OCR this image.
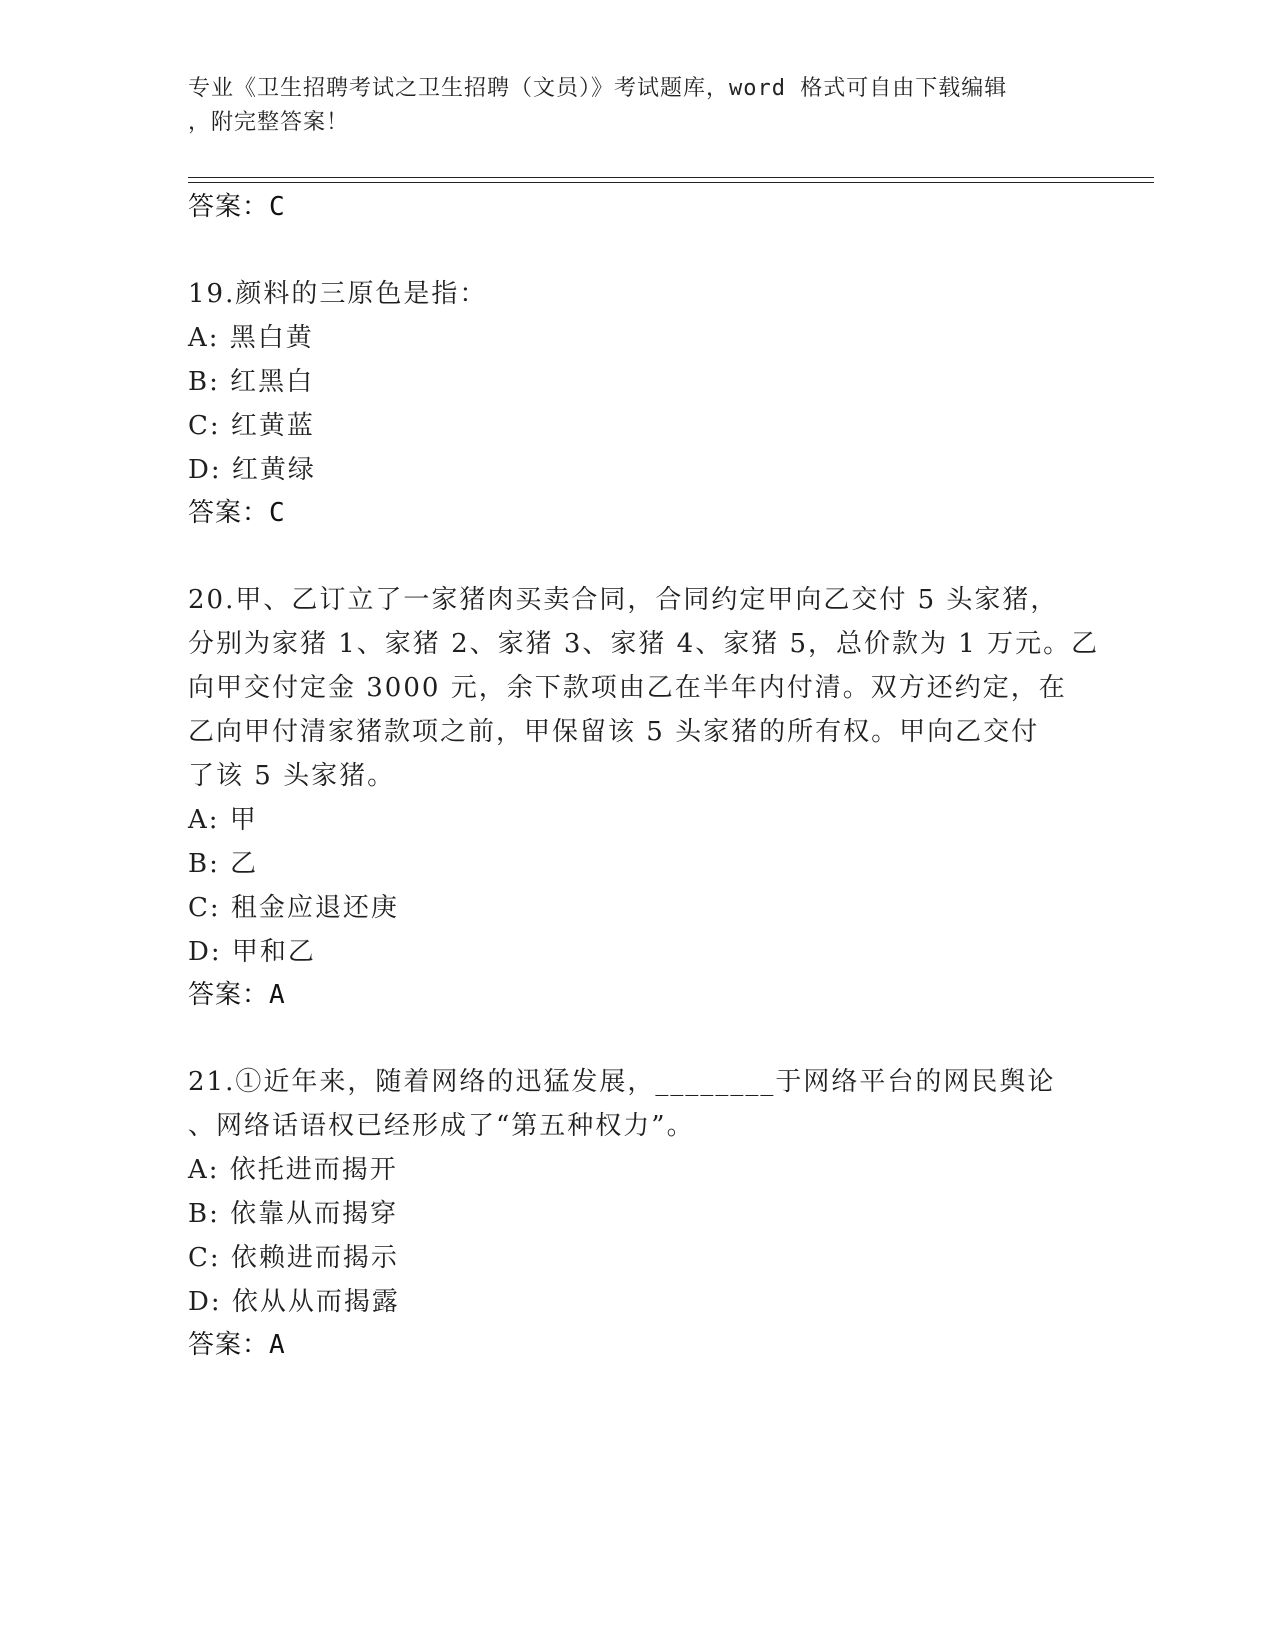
专业《卫生招聘考试之卫生招聘（文员）》考试题库，word 格式可自由下载编辑
，附完整答案！
答案：C
19.颜料的三原色是指：
A: 黑白黄
B: 红黑白
C: 红黄蓝
D: 红黄绿
答案：C
20.甲、乙订立了一家猪肉买卖合同，合同约定甲向乙交付 5 头家猪，
分别为家猪 1、家猪 2、家猪 3、家猪 4、家猪 5，总价款为 1 万元。乙
向甲交付定金 3000 元，余下款项由乙在半年内付清。双方还约定，在
乙向甲付清家猪款项之前，甲保留该 5 头家猪的所有权。甲向乙交付
了该 5 头家猪。
A: 甲
B: 乙
C: 租金应退还庚
D: 甲和乙
答案：A
21.①近年来，随着网络的迅猛发展，________于网络平台的网民舆论
、网络话语权已经形成了“第五种权力”。
A: 依托进而揭开
B: 依靠从而揭穿
C: 依赖进而揭示
D: 依从从而揭露
答案：A
